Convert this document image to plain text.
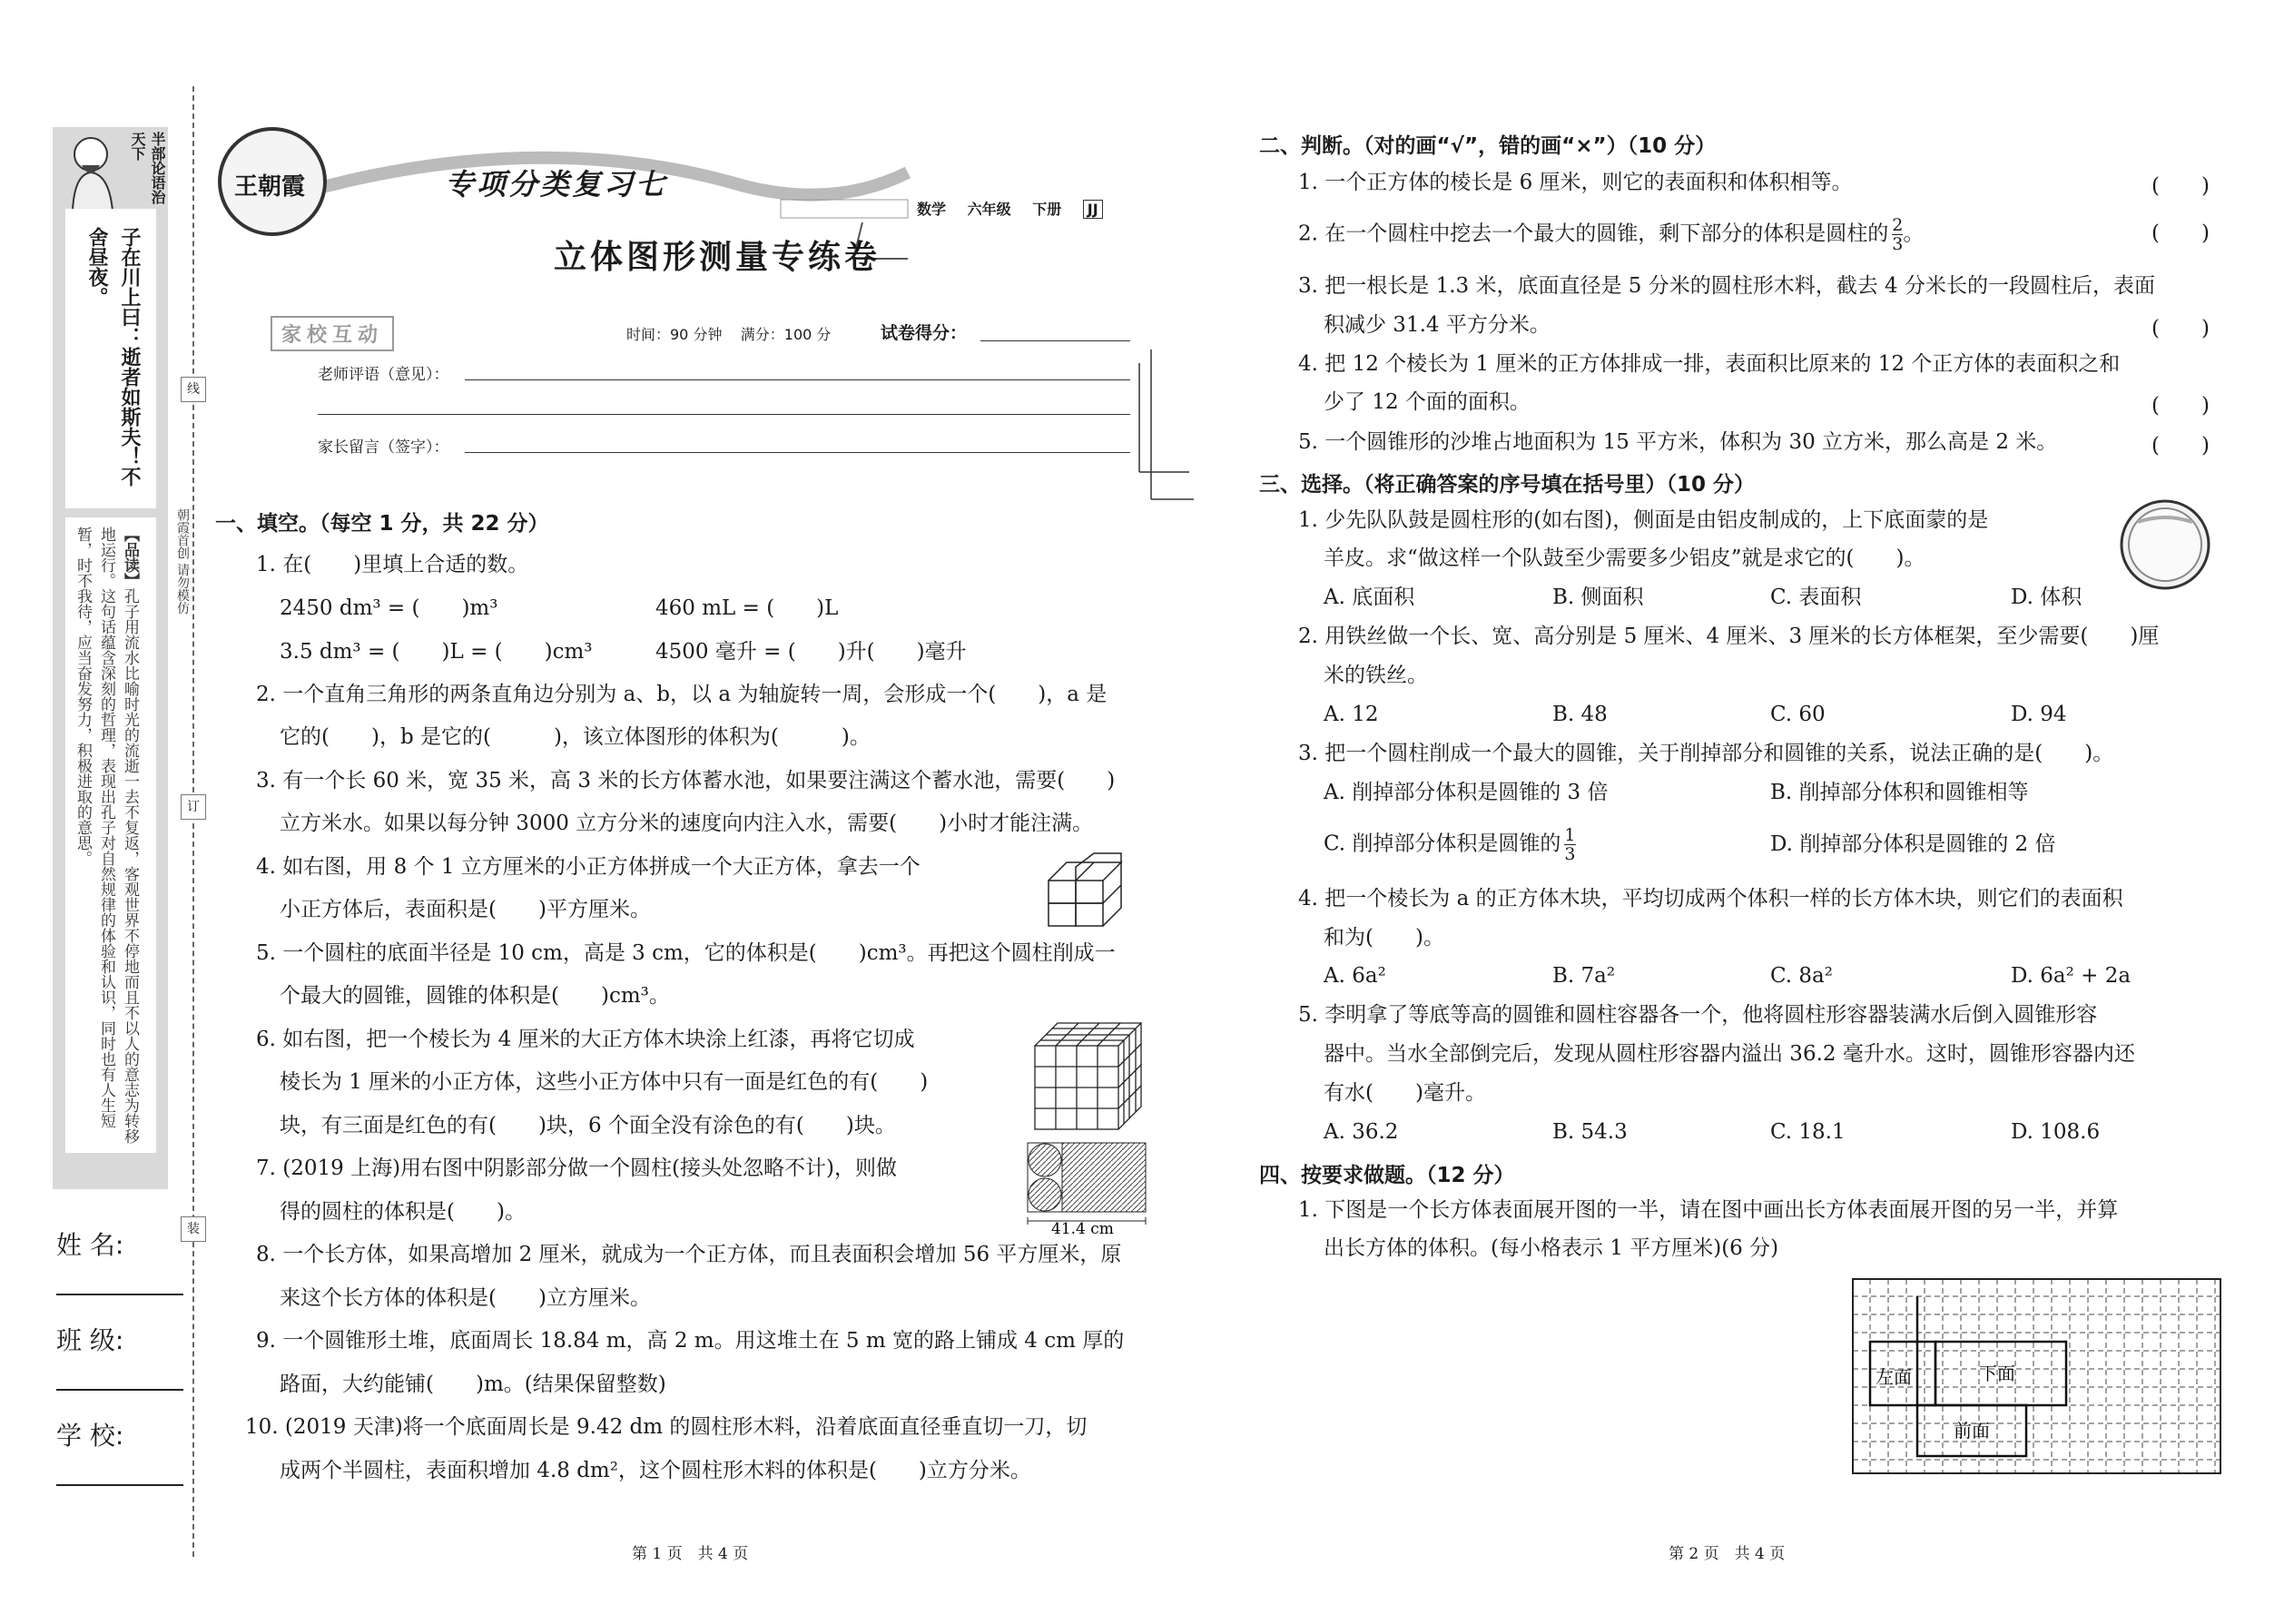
半部论语治天下
子在川上曰：逝者如斯夫！不舍昼夜。
【品读】孔子用流水比喻时光的流逝一去不复返，客观世界不停地而且不以人的意志为转移地运行。这句话蕴含深刻的哲理，表现出孔子对自然规律的体验和认识，同时也有人生短暂，时不我待，应当奋发努力，积极进取的意思。	朝霞首创 请勿模仿
线
订
装
姓 名:
班 级:
学 校:
王朝霞	专项分类复习七
立体图形测量专练卷
数学 六年级 下册 JJ
家校互动	时间：90 分钟 满分：100 分	试卷得分：
老师评语（意见）：
家长留言（签字）：
一、填空。（每空 1 分，共 22 分）
1. 在(　　)里填上合适的数。
2450 dm³ = (　　)m³	460 mL = (　　)L
3.5 dm³ = (　　)L = (　　)cm³	4500 毫升 = (　　)升(　　)毫升
2. 一个直角三角形的两条直角边分别为 a、b，以 a 为轴旋转一周，会形成一个(　　)，a 是
它的(　　)，b 是它的(　　　)，该立体图形的体积为(　　　)。
3. 有一个长 60 米，宽 35 米，高 3 米的长方体蓄水池，如果要注满这个蓄水池，需要(　　)
立方米水。如果以每分钟 3000 立方分米的速度向内注入水，需要(　　)小时才能注满。
4. 如右图，用 8 个 1 立方厘米的小正方体拼成一个大正方体，拿去一个
小正方体后，表面积是(　　)平方厘米。
5. 一个圆柱的底面半径是 10 cm，高是 3 cm，它的体积是(　　)cm³。再把这个圆柱削成一
个最大的圆锥，圆锥的体积是(　　)cm³。
6. 如右图，把一个棱长为 4 厘米的大正方体木块涂上红漆，再将它切成
棱长为 1 厘米的小正方体，这些小正方体中只有一面是红色的有(　　)
块，有三面是红色的有(　　)块，6 个面全没有涂色的有(　　)块。
7. (2019 上海)用右图中阴影部分做一个圆柱(接头处忽略不计)，则做
得的圆柱的体积是(　　)。
41.4 cm
8. 一个长方体，如果高增加 2 厘米，就成为一个正方体，而且表面积会增加 56 平方厘米，原
来这个长方体的体积是(　　)立方厘米。
9. 一个圆锥形土堆，底面周长 18.84 m，高 2 m。用这堆土在 5 m 宽的路上铺成 4 cm 厚的
路面，大约能铺(　　)m。(结果保留整数)
10. (2019 天津)将一个底面周长是 9.42 dm 的圆柱形木料，沿着底面直径垂直切一刀，切
成两个半圆柱，表面积增加 4.8 dm²，这个圆柱形木料的体积是(　　)立方分米。
二、判断。（对的画“√”，错的画“×”）（10 分）
1. 一个正方体的棱长是 6 厘米，则它的表面积和体积相等。	(　　)
2. 在一个圆柱中挖去一个最大的圆锥，剩下部分的体积是圆柱的 $\frac{2}{3}$ 。	(　　)
3. 把一根长是 1.3 米，底面直径是 5 分米的圆柱形木料，截去 4 分米长的一段圆柱后，表面
积减少 31.4 平方分米。	(　　)
4. 把 12 个棱长为 1 厘米的正方体排成一排，表面积比原来的 12 个正方体的表面积之和
少了 12 个面的面积。	(　　)
5. 一个圆锥形的沙堆占地面积为 15 平方米，体积为 30 立方米，那么高是 2 米。	(　　)
三、选择。（将正确答案的序号填在括号里）（10 分）
1. 少先队队鼓是圆柱形的(如右图)，侧面是由铝皮制成的，上下底面蒙的是
羊皮。求“做这样一个队鼓至少需要多少铝皮”就是求它的(　　)。
A. 底面积	B. 侧面积	C. 表面积	D. 体积
2. 用铁丝做一个长、宽、高分别是 5 厘米、4 厘米、3 厘米的长方体框架，至少需要(　　)厘
米的铁丝。
A. 12	B. 48	C. 60	D. 94
3. 把一个圆柱削成一个最大的圆锥，关于削掉部分和圆锥的关系，说法正确的是(　　)。
A. 削掉部分体积是圆锥的 3 倍	B. 削掉部分体积和圆锥相等
C. 削掉部分体积是圆锥的 $\frac{1}{3}$	D. 削掉部分体积是圆锥的 2 倍
4. 把一个棱长为 a 的正方体木块，平均切成两个体积一样的长方体木块，则它们的表面积
和为(　　)。
A. 6a²	B. 7a²	C. 8a²	D. 6a² + 2a
5. 李明拿了等底等高的圆锥和圆柱容器各一个，他将圆柱形容器装满水后倒入圆锥形容
器中。当水全部倒完后，发现从圆柱形容器内溢出 36.2 毫升水。这时，圆锥形容器内还
有水(　　)毫升。
A. 36.2	B. 54.3	C. 18.1	D. 108.6
四、按要求做题。（12 分）
1. 下图是一个长方体表面展开图的一半，请在图中画出长方体表面展开图的另一半，并算
出长方体的体积。(每小格表示 1 平方厘米)(6 分)
左面	下面
前面
第 1 页　共 4 页	第 2 页　共 4 页
